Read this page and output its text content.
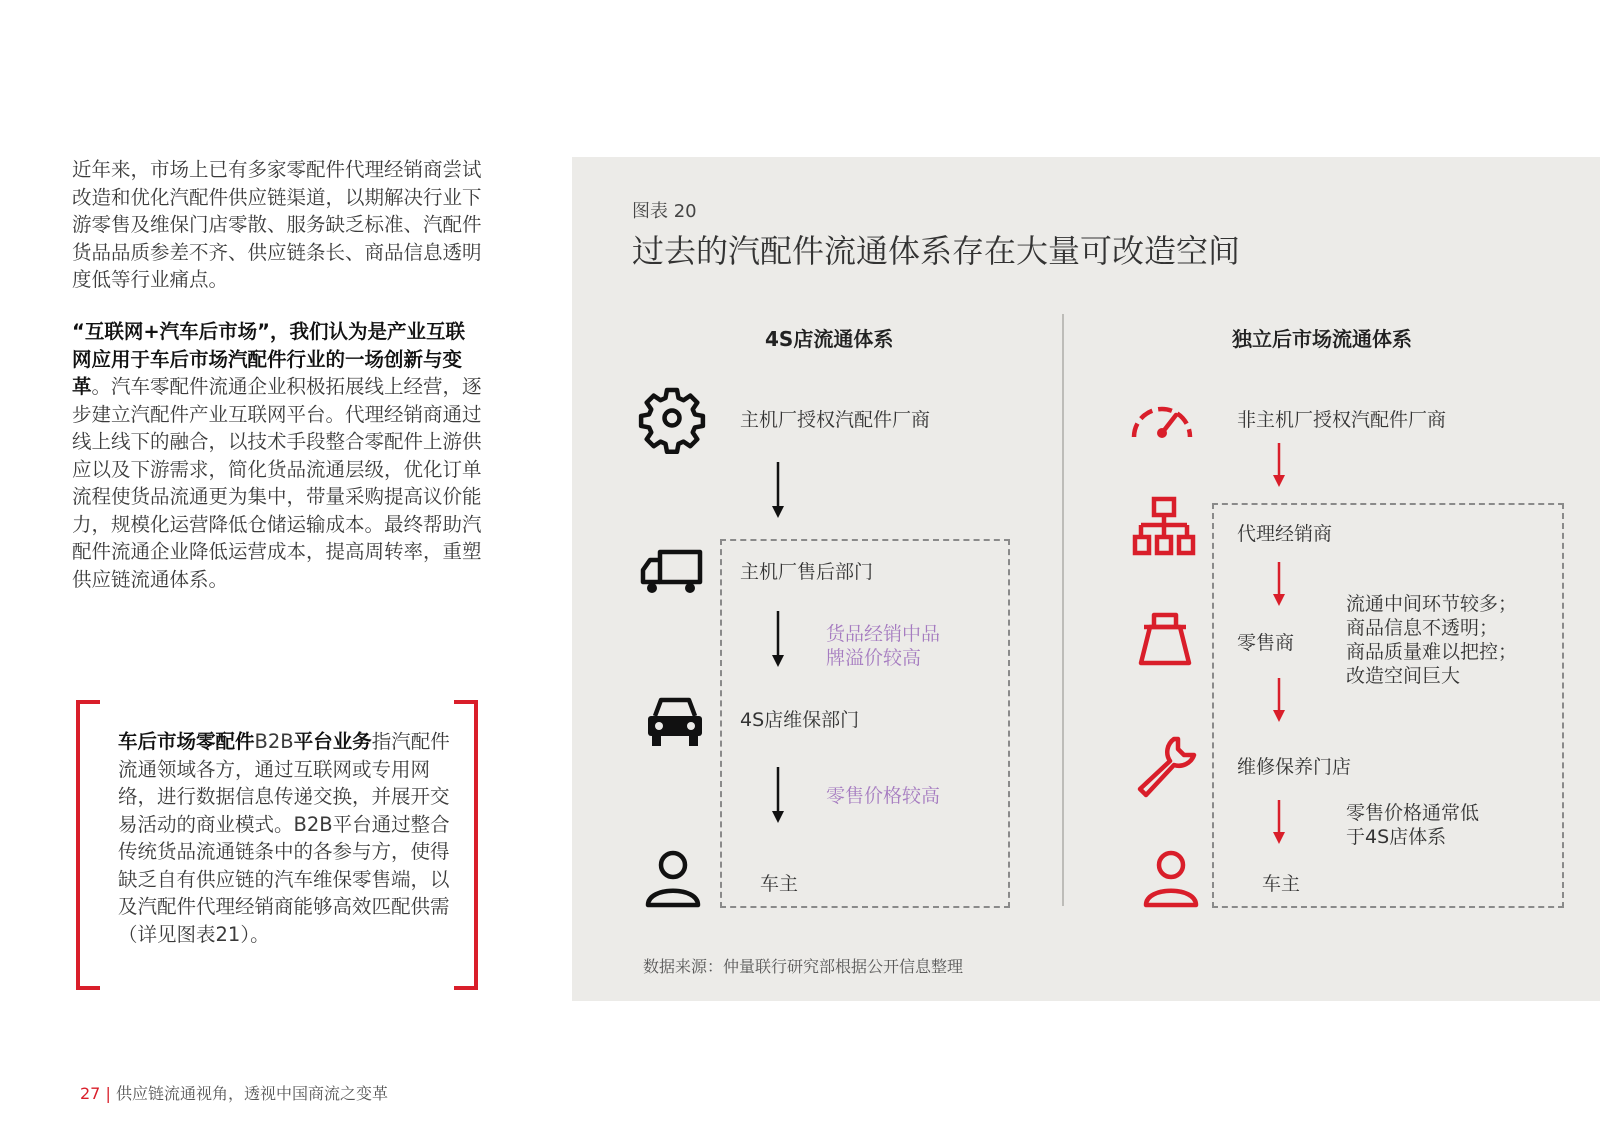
近年来，市场上已有多家零配件代理经销商尝试改造和优化汽配件供应链渠道，以期解决行业下游零售及维保门店零散、服务缺乏标准、汽配件货品品质参差不齐、供应链条长、商品信息透明度低等行业痛点。
“互联网+汽车后市场”，我们认为是产业互联网应用于车后市场汽配件行业的一场创新与变革。汽车零配件流通企业积极拓展线上经营，逐步建立汽配件产业互联网平台。代理经销商通过线上线下的融合，以技术手段整合零配件上游供应以及下游需求，简化货品流通层级，优化订单流程使货品流通更为集中，带量采购提高议价能力，规模化运营降低仓储运输成本。最终帮助汽配件流通企业降低运营成本，提高周转率，重塑供应链流通体系。
车后市场零配件B2B平台业务指汽配件流通领域各方，通过互联网或专用网络，进行数据信息传递交换，并展开交易活动的商业模式。B2B平台通过整合传统货品流通链条中的各参与方，使得缺乏自有供应链的汽车维保零售端，以及汽配件代理经销商能够高效匹配供需（详见图表21）。
图表 20
过去的汽配件流通体系存在大量可改造空间
4S店流通体系	独立后市场流通体系
主机厂授权汽配件厂商
主机厂售后部门
4S店维保部门
车主
货品经销中品
牌溢价较高
零售价格较高
非主机厂授权汽配件厂商
代理经销商
零售商
维修保养门店
车主
流通中间环节较多；
商品信息不透明；
商品质量难以把控；
改造空间巨大
零售价格通常低
于4S店体系
数据来源：仲量联行研究部根据公开信息整理
27 | 供应链流通视角，透视中国商流之变革
